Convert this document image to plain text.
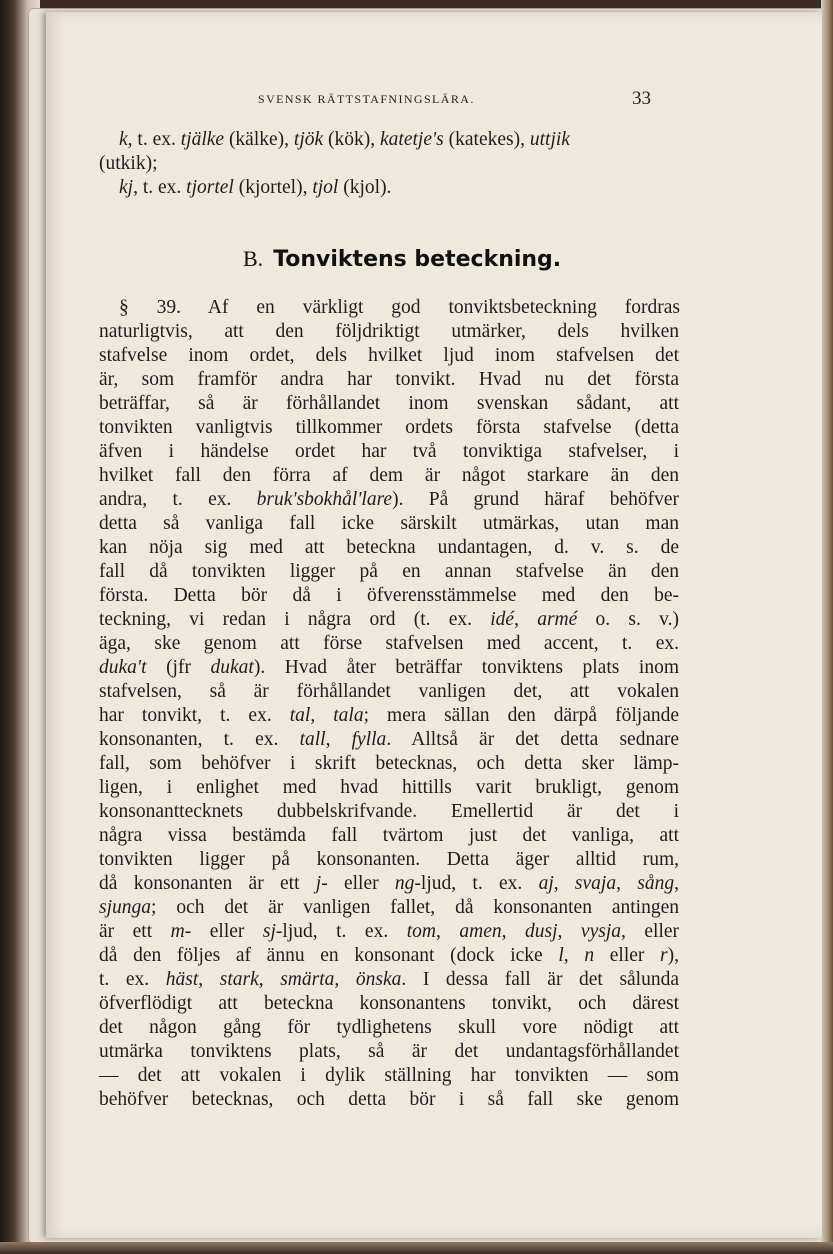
SVENSK RÄTTSTAFNINGSLÄRA.	33

k, t. ex. tjälke (kälke), tjök (kök), katetje's (katekes), uttjik

(utkik);

kj, t. ex. tjortel (kjortel), tjol (kjol).

B. Tonviktens beteckning.

§ 39. Af en värkligt god tonviktsbeteckning fordras

naturligtvis, att den följdriktigt utmärker, dels hvilken

stafvelse inom ordet, dels hvilket ljud inom stafvelsen det

är, som framför andra har tonvikt. Hvad nu det första

beträffar, så är förhållandet inom svenskan sådant, att

tonvikten vanligtvis tillkommer ordets första stafvelse (detta

äfven i händelse ordet har två tonviktiga stafvelser, i

hvilket fall den förra af dem är något starkare än den

andra, t. ex. bruk'sbokhål'lare). På grund häraf behöfver

detta så vanliga fall icke särskilt utmärkas, utan man

kan nöja sig med att beteckna undantagen, d. v. s. de

fall då tonvikten ligger på en annan stafvelse än den

första. Detta bör då i öfverensstämmelse med den be-

teckning, vi redan i några ord (t. ex. idé, armé o. s. v.)

äga, ske genom att förse stafvelsen med accent, t. ex.

duka't (jfr dukat). Hvad åter beträffar tonviktens plats inom

stafvelsen, så är förhållandet vanligen det, att vokalen

har tonvikt, t. ex. tal, tala; mera sällan den därpå följande

konsonanten, t. ex. tall, fylla. Alltså är det detta sednare

fall, som behöfver i skrift betecknas, och detta sker lämp-

ligen, i enlighet med hvad hittills varit brukligt, genom

konsonanttecknets dubbelskrifvande. Emellertid är det i

några vissa bestämda fall tvärtom just det vanliga, att

tonvikten ligger på konsonanten. Detta äger alltid rum,

då konsonanten är ett j- eller ng-ljud, t. ex. aj, svaja, sång,

sjunga; och det är vanligen fallet, då konsonanten antingen

är ett m- eller sj-ljud, t. ex. tom, amen, dusj, vysja, eller

då den följes af ännu en konsonant (dock icke l, n eller r),

t. ex. häst, stark, smärta, önska. I dessa fall är det sålunda

öfverflödigt att beteckna konsonantens tonvikt, och därest

det någon gång för tydlighetens skull vore nödigt att

utmärka tonviktens plats, så är det undantagsförhållandet

— det att vokalen i dylik ställning har tonvikten — som

behöfver betecknas, och detta bör i så fall ske genom
